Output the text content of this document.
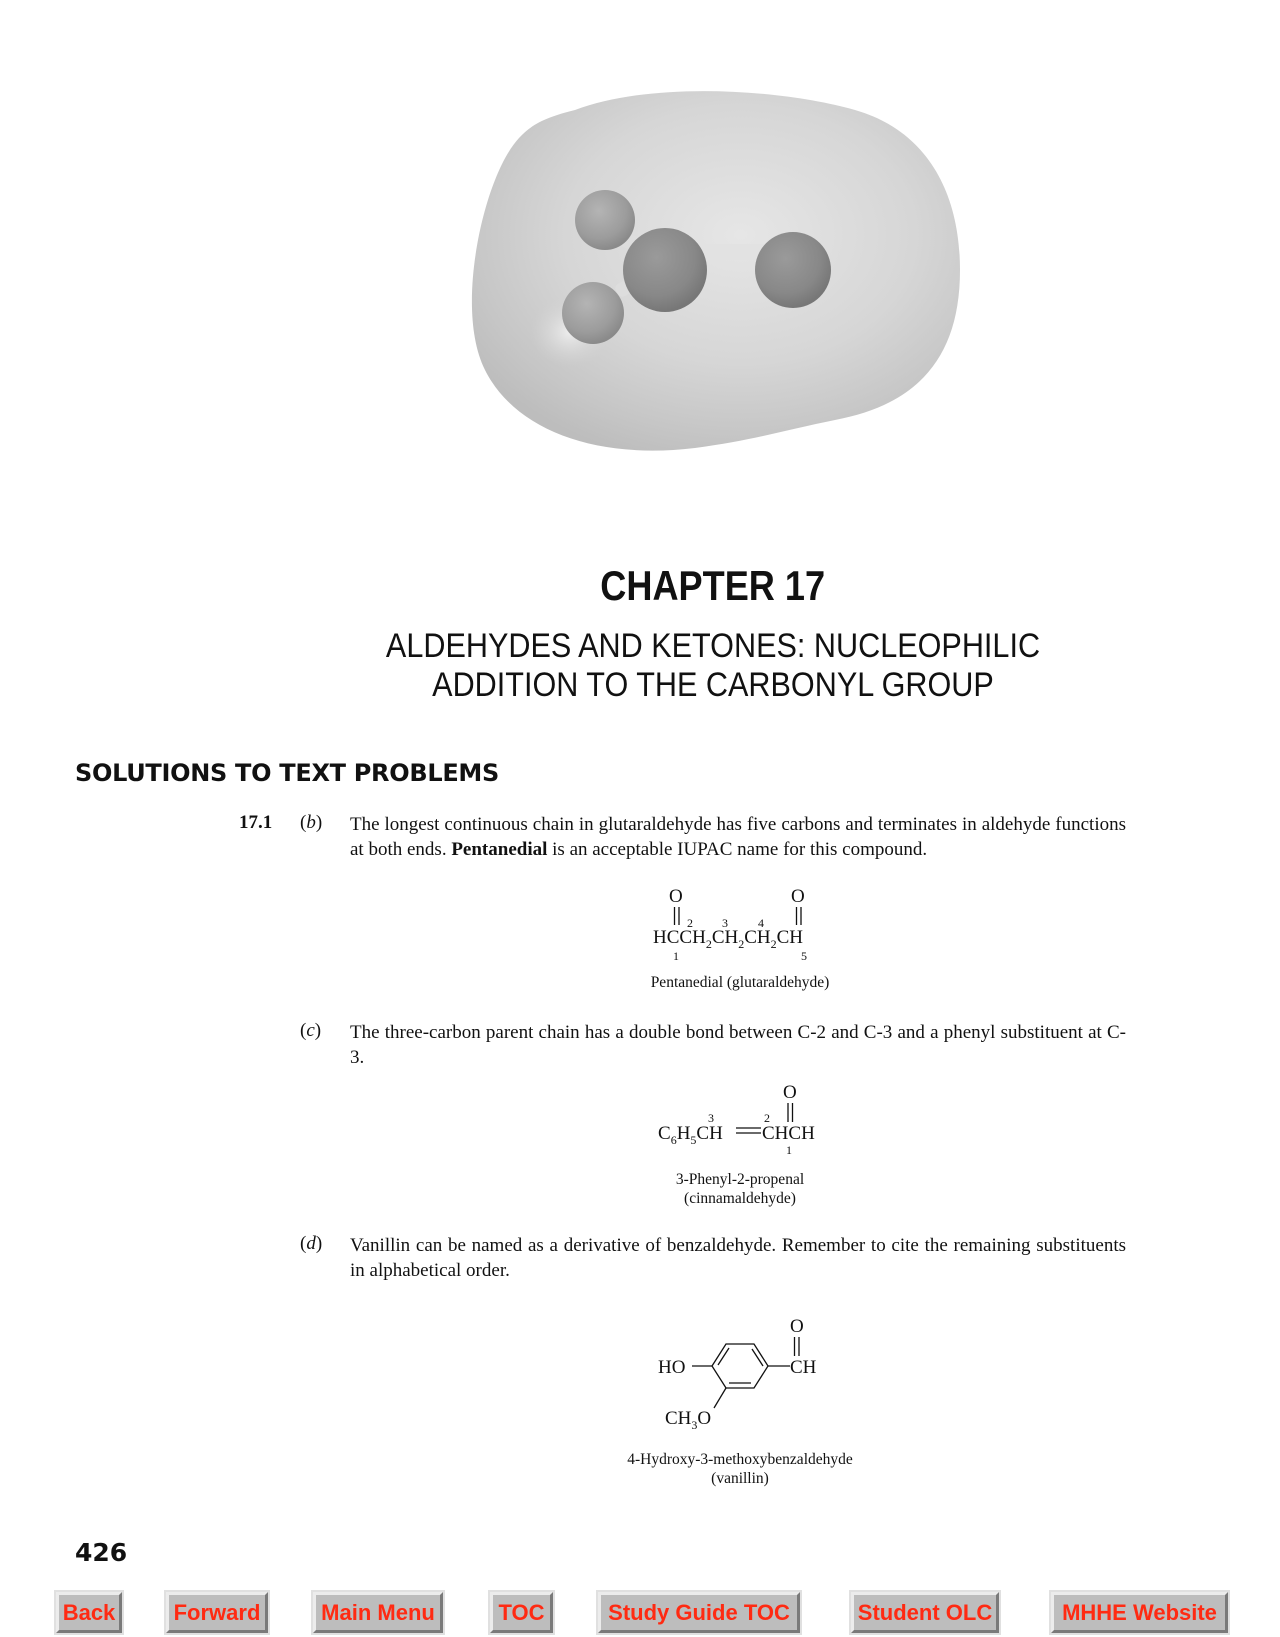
CHAPTER 17
ALDEHYDES AND KETONES: NUCLEOPHILIC
ADDITION TO THE CARBONYL GROUP
SOLUTIONS TO TEXT PROBLEMS
17.1 (b) The longest continuous chain in glutaraldehyde has five carbons and terminates in aldehyde functions at both ends. Pentanedial is an acceptable IUPAC name for this compound.
O	O
$HCCH_2CH_2CH_2CH$
1
2 3	4
5
Pentanedial (glutaraldehyde)
(c) The three-carbon parent chain has a double bond between C-2 and C-3 and a phenyl substituent at C-3.
O
$C_6H_5CH$ CHCH
3	2
1
3-Phenyl-2-propenal
(cinnamaldehyde)
(d) Vanillin can be named as a derivative of benzaldehyde. Remember to cite the remaining substituents in alphabetical order.
HO	CH
O
$CH_3O$
4-Hydroxy-3-methoxybenzaldehyde
(vanillin)
426
Back	Forward	Main Menu	TOC	Study Guide TOC	Student OLC	MHHE Website
